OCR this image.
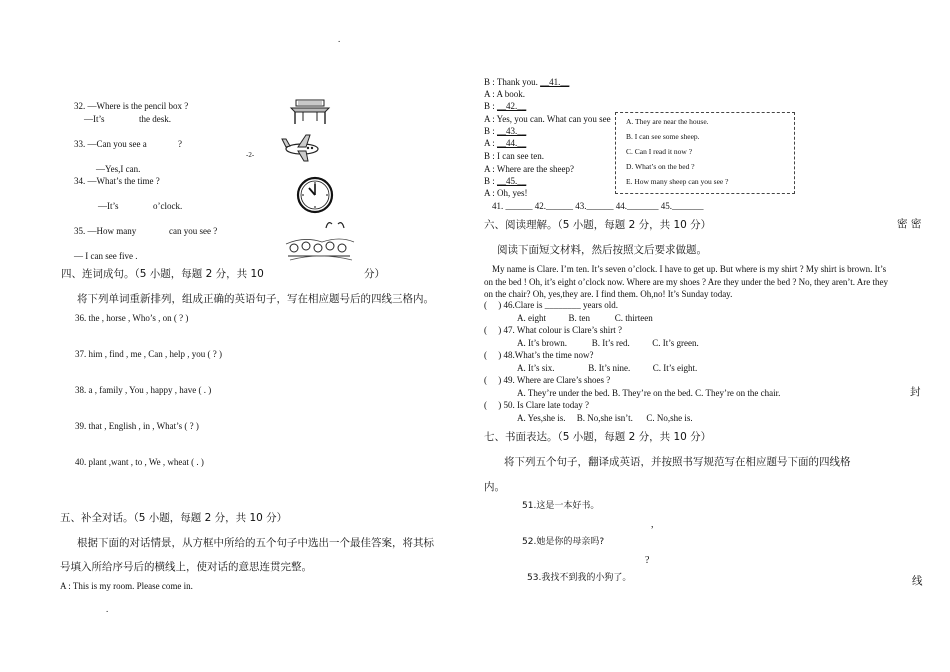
.
-2-
,
.
32. —Where is the pencil box ?
—It’s	the desk.
33. —Can you see a	?
—Yes,I can.
34. —What’s the time ?
—It’s	o’clock.
35. —How many	can you see ?
— I can see five .
四、连词成句。（5 小题，每题 2 分，共 10	分）
将下列单词重新排列，组成正确的英语句子，写在相应题号后的四线三格内。
36. the , horse , Who’s , on ( ? )
37. him , find , me , Can , help , you ( ? )
38. a , family , You , happy , have ( . )
39. that , English , in , What’s ( ? )
40. plant ,want , to , We , wheat ( . )
五、补全对话。（5 小题，每题 2 分，共 10 分）
根据下面的对话情景，从方框中所给的五个句子中选出一个最佳答案，将其标
号填入所给序号后的横线上，使对话的意思连贯完整。
A : This is my room. Please come in.
B : Thank you. __41.__
A : A book.
B : __42.__
A : Yes, you can. What can you see
B : __43.__
A : __44.__
B : I can see ten.
A : Where are the sheep?
B : __45.__
A : Oh, yes!
41. ______ 42.______ 43.______ 44._______ 45._______
A. They are near the house.
B. I can see some sheep.
C. Can I read it now ?
D. What’s on the bed ?
E. How many sheep can you see ?
六、阅读理解。（5 小题，每题 2 分，共 10 分）
阅读下面短文材料，然后按照文后要求做题。
My name is Clare. I’m ten. It’s seven o’clock. I have to get up. But where is my shirt ? My shirt is brown. It’s on the bed ! Oh, it’s eight o’clock now. Where are my shoes ? Are they under the bed ? No, they aren’t. Are they on the chair? Oh, yes,they are. I find them. Oh,no! It’s Sunday today.
(     ) 46.Clare is ________ years old.
A. eight          B. ten           C. thirteen
(     ) 47. What colour is Clare’s shirt ?
A. It’s brown.           B. It’s red.          C. It’s green.
(     ) 48.What’s the time now?
A. It’s six.               B. It’s nine.          C. It’s eight.
(     ) 49. Where are Clare’s shoes ?
A. They’re under the bed. B. They’re on the bed. C. They’re on the chair.
(     ) 50. Is Clare late today ?
A. Yes,she is.     B. No,she isn’t.      C. No,she is.
七、书面表达。（5 小题，每题 2 分，共 10 分）
将下列五个句子，翻译成英语，并按照书写规范写在相应题号下面的四线格
内。
51.这是一本好书。
52.她是你的母亲吗?
?
53.我找不到我的小狗了。
密 密
封
线
